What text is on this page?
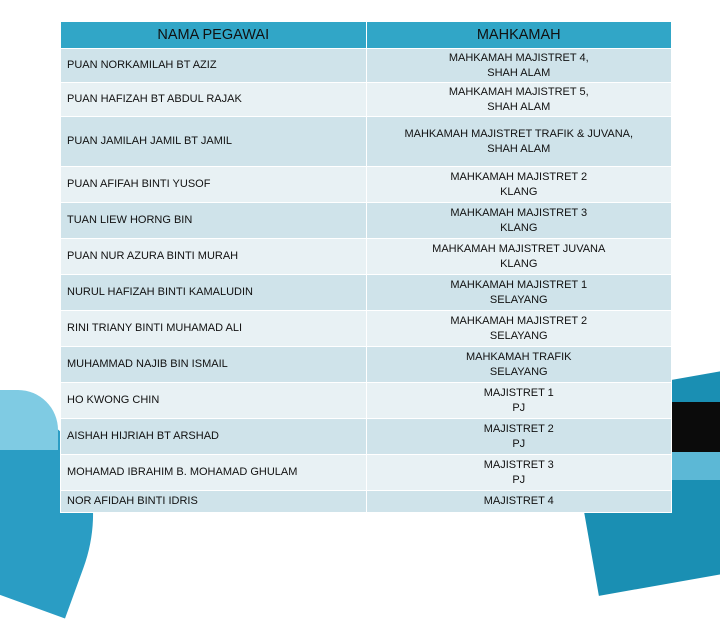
NAMA PEGAWAI	MAHKAMAH
PUAN NORKAMILAH BT AZIZ	MAHKAMAH MAJISTRET 4,
SHAH ALAM

PUAN HAFIZAH BT ABDUL RAJAK	MAHKAMAH MAJISTRET 5,
SHAH ALAM

PUAN JAMILAH JAMIL BT JAMIL	MAHKAMAH MAJISTRET TRAFIK & JUVANA,
SHAH ALAM

PUAN AFIFAH BINTI YUSOF	MAHKAMAH MAJISTRET 2
KLANG

TUAN LIEW HORNG BIN	MAHKAMAH MAJISTRET 3
KLANG

PUAN NUR AZURA BINTI MURAH	MAHKAMAH MAJISTRET JUVANA
KLANG

NURUL HAFIZAH BINTI KAMALUDIN	MAHKAMAH MAJISTRET 1
SELAYANG

RINI TRIANY BINTI MUHAMAD ALI	MAHKAMAH MAJISTRET 2
SELAYANG

MUHAMMAD NAJIB BIN ISMAIL	MAHKAMAH TRAFIK
SELAYANG

HO KWONG CHIN	MAJISTRET 1
PJ

AISHAH HIJRIAH BT ARSHAD	MAJISTRET 2
PJ

MOHAMAD IBRAHIM B. MOHAMAD GHULAM	MAJISTRET 3
PJ

NOR AFIDAH BINTI IDRIS	MAJISTRET 4
